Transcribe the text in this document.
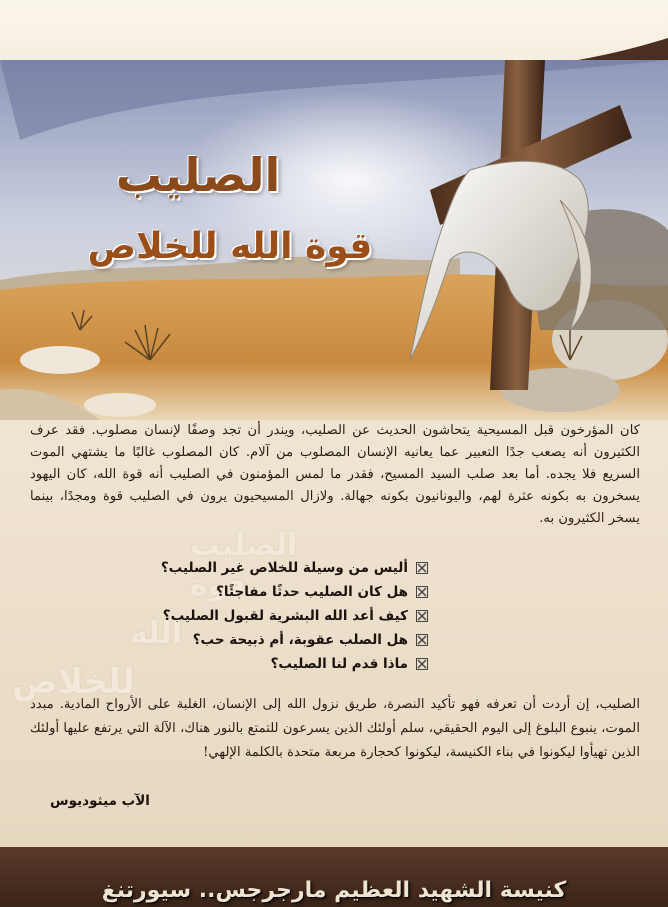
الصليب
قوة الله للخلاص
الصليب
قوة
الله
للخلاص
كان المؤرخون قبل المسيحية يتحاشون الحديث عن الصليب، ويندر أن تجد وصفًا لإنسان مصلوب. فقد عرف الكثيرون أنه يصعب جدًا التعبير عما يعانيه الإنسان المصلوب من آلام. كان المصلوب غالبًا ما يشتهي الموت السريع فلا يجده. أما بعد صلب السيد المسيح، فقدر ما لمس المؤمنون في الصليب أنه قوة الله، كان اليهود يسخرون به بكونه عثرة لهم، واليونانيون بكونه جهالة. ولازال المسيحيون يرون في الصليب قوة ومجدًا، بينما يسخر الكثيرون به.
أليس من وسيلة للخلاص غير الصليب؟
هل كان الصليب حدثًا مفاجئًا؟
كيف أعد الله البشرية لقبول الصليب؟
هل الصلب عقوبة، أم ذبيحة حب؟
ماذا قدم لنا الصليب؟
الصليب، إن أردت أن تعرفه فهو تأكيد النصرة، طريق نزول الله إلى الإنسان، الغلبة على الأرواح المادية. مبدد الموت، ينبوع البلوغ إلى اليوم الحقيقي، سلم أولئك الذين يسرعون للتمتع بالنور هناك، الآلة التي يرتفع عليها أولئك الذين تهيأوا ليكونوا في بناء الكنيسة، ليكونوا كحجارة مربعة متحدة بالكلمة الإلهي!
الآب ميثوديوس
كنيسة الشهيد العظيم مارجرجس.. سيورتنغ
